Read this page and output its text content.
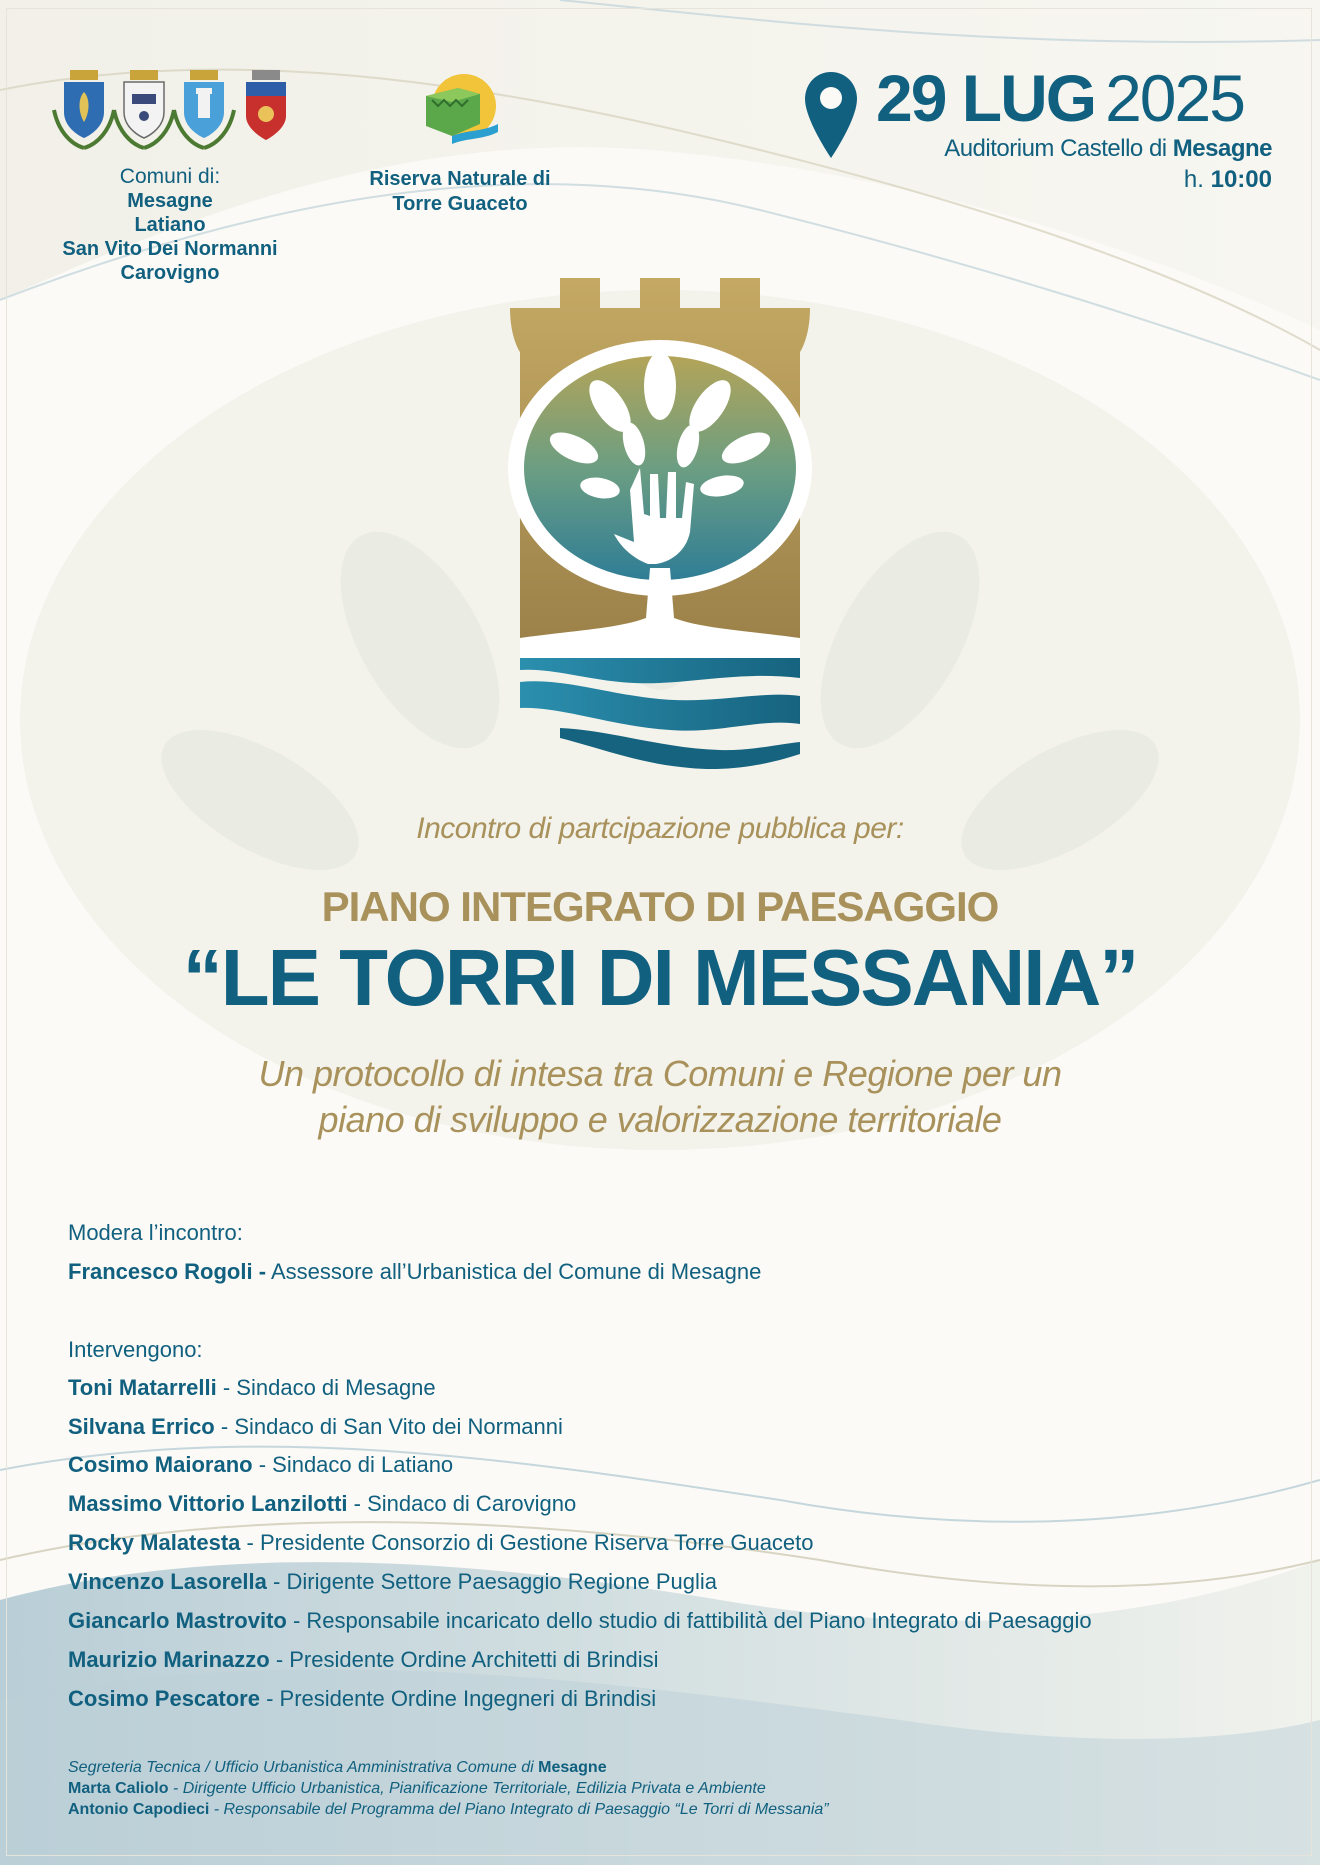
Comuni di:
Mesagne
Latiano
San Vito Dei Normanni
Carovigno
Riserva Naturale di
Torre Guaceto
29 LUG 2025
Auditorium Castello di Mesagne
h. 10:00
Incontro di partcipazione pubblica per:
PIANO INTEGRATO DI PAESAGGIO
“LE TORRI DI MESSANIA”
Un protocollo di intesa tra Comuni e Regione per un
piano di sviluppo e valorizzazione territoriale
Modera l’incontro:
Francesco Rogoli - Assessore all’Urbanistica del Comune di Mesagne
Intervengono:
Toni Matarrelli - Sindaco di Mesagne
Silvana Errico - Sindaco di San Vito dei Normanni
Cosimo Maiorano - Sindaco di Latiano
Massimo Vittorio Lanzilotti - Sindaco di Carovigno
Rocky Malatesta - Presidente Consorzio di Gestione Riserva Torre Guaceto
Vincenzo Lasorella - Dirigente Settore Paesaggio Regione Puglia
Giancarlo Mastrovito - Responsabile incaricato dello studio di fattibilità del Piano Integrato di Paesaggio
Maurizio Marinazzo - Presidente Ordine Architetti di Brindisi
Cosimo Pescatore - Presidente Ordine Ingegneri di Brindisi
Segreteria Tecnica / Ufficio Urbanistica Amministrativa Comune di Mesagne
Marta Caliolo - Dirigente Ufficio Urbanistica, Pianificazione Territoriale, Edilizia Privata e Ambiente
Antonio Capodieci - Responsabile del Programma del Piano Integrato di Paesaggio “Le Torri di Messania”
